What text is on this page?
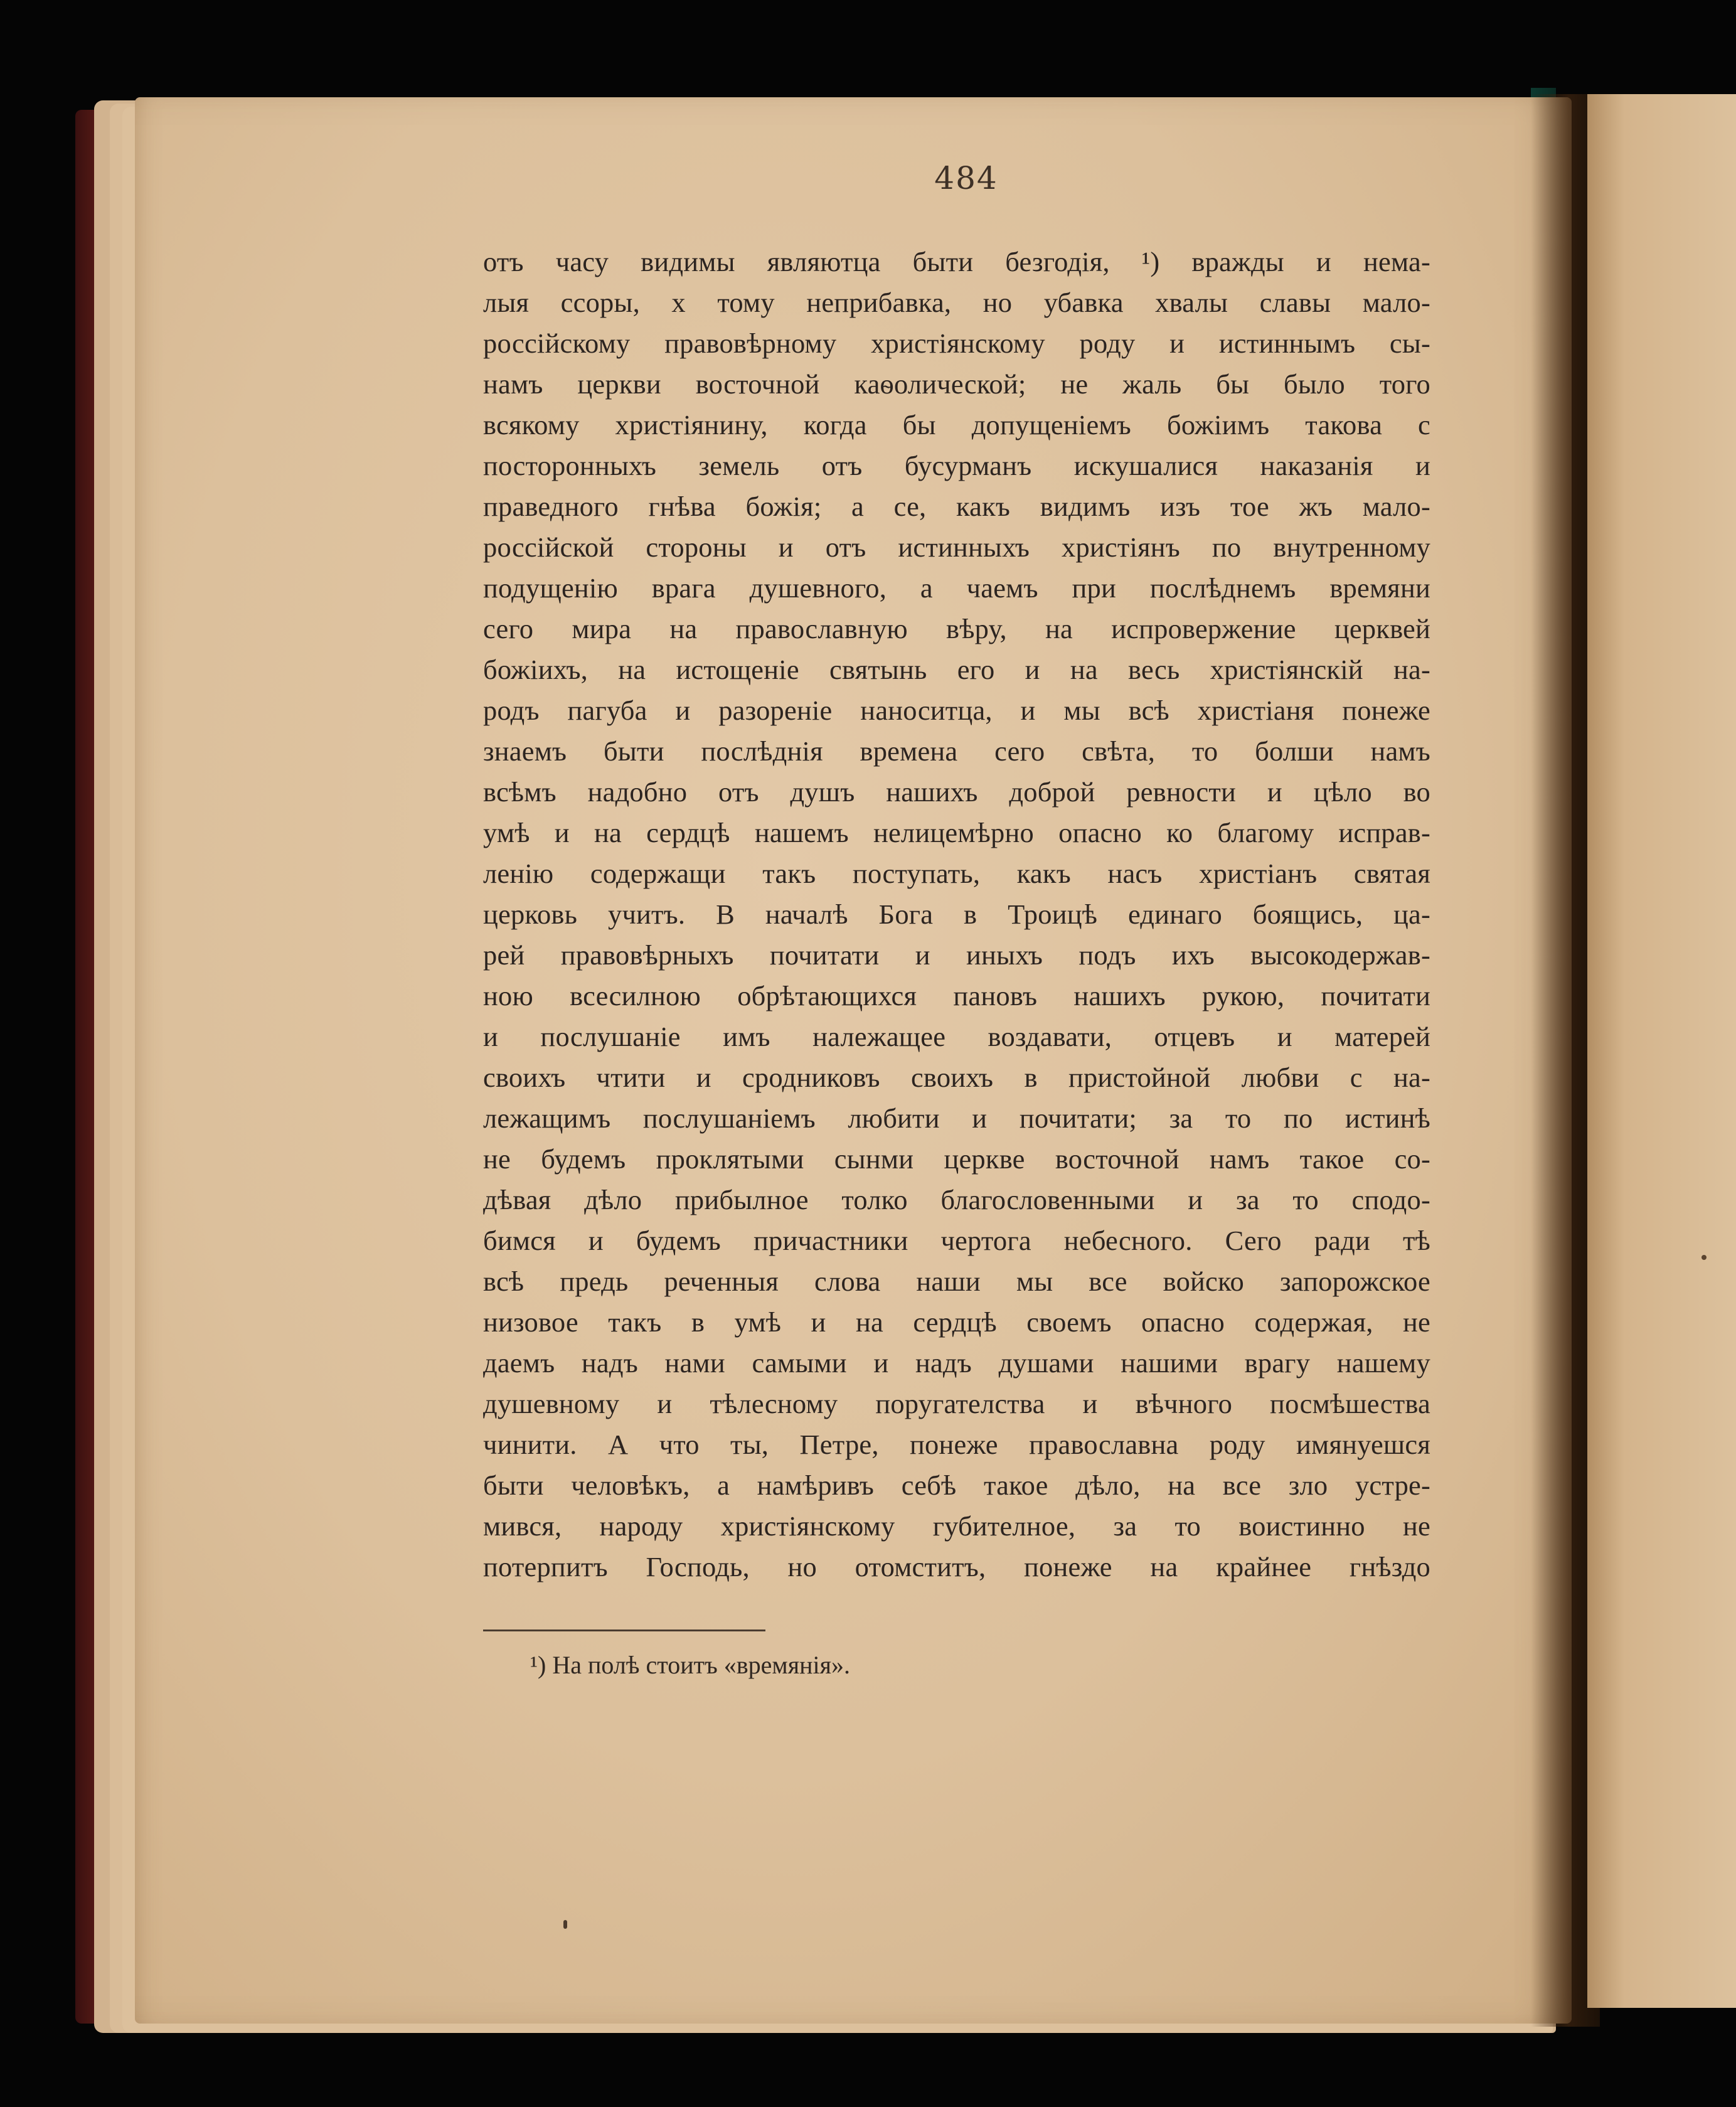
484
отъ часу видимы являютца быти безгодія, ¹) вражды и нема-
лыя ссоры, х тому неприбавка, но убавка хвалы славы мало-
россійскому правовѣрному христіянскому роду и истиннымъ сы-
намъ церкви восточной каѳолической; не жаль бы было того
всякому христіянину, когда бы допущеніемъ божіимъ такова с
посторонныхъ земель отъ бусурманъ искушалися наказанія и
праведного гнѣва божія; а се, какъ видимъ изъ тое жъ мало-
россійской стороны и отъ истинныхъ христіянъ по внутренному
подущенію врага душевного, а чаемъ при послѣднемъ времяни
сего мира на православную вѣру, на испровержение церквей
божіихъ, на истощеніе святынь его и на весь христіянскій на-
родъ пагуба и разореніе наноситца, и мы всѣ христіаня понеже
знаемъ быти послѣднія времена сего свѣта, то болши намъ
всѣмъ надобно отъ душъ нашихъ доброй ревности и цѣло во
умѣ и на сердцѣ нашемъ нелицемѣрно опасно ко благому исправ-
ленію содержащи такъ поступать, какъ насъ христіанъ святая
церковь учитъ. В началѣ Бога в Троицѣ единаго боящись, ца-
рей правовѣрныхъ почитати и иныхъ подъ ихъ высокодержав-
ною всесилною обрѣтающихся пановъ нашихъ рукою, почитати
и послушаніе имъ належащее воздавати, отцевъ и матерей
своихъ чтити и сродниковъ своихъ в пристойной любви с на-
лежащимъ послушаніемъ любити и почитати; за то по истинѣ
не будемъ проклятыми сынми церкве восточной намъ такое со-
дѣвая дѣло прибылное толко благословенными и за то сподо-
бимся и будемъ причастники чертога небесного. Сего ради тѣ
всѣ предь реченныя слова наши мы все войско запорожское
низовое такъ в умѣ и на сердцѣ своемъ опасно содержая, не
даемъ надъ нами самыми и надъ душами нашими врагу нашему
душевному и тѣлесному поругателства и вѣчного посмѣшества
чинити. А что ты, Петре, понеже православна роду имянуешся
быти человѣкъ, а намѣривъ себѣ такое дѣло, на все зло устре-
мився, народу христіянскому губителное, за то воистинно не
потерпитъ Господь, но отомститъ, понеже на крайнее гнѣздо
¹) На полѣ стоитъ «времянія».
